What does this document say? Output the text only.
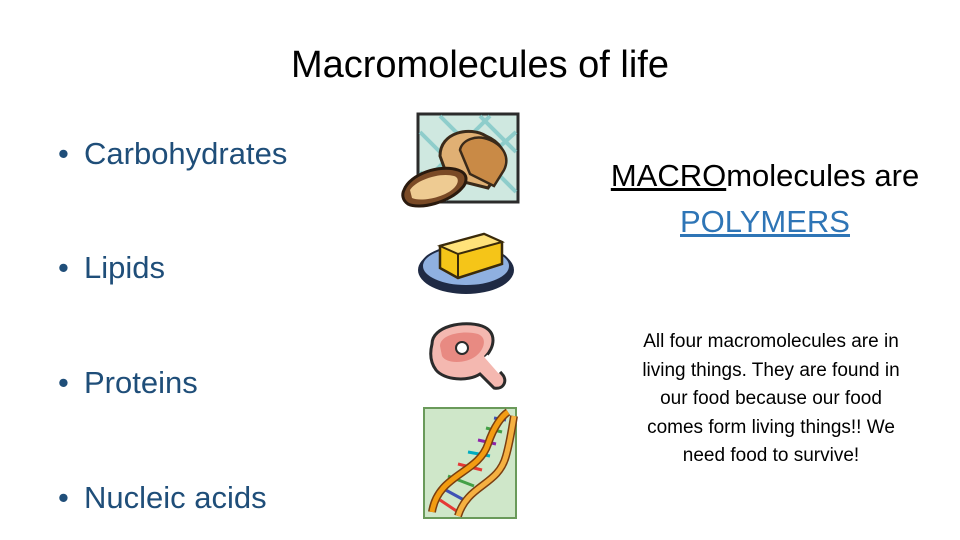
Macromolecules of life
• Carbohydrates
• Lipids
• Proteins
• Nucleic acids
MACROmolecules are
POLYMERS
All four macromolecules are in living things. They are found in our food because our food comes form living things!! We need food to survive!
